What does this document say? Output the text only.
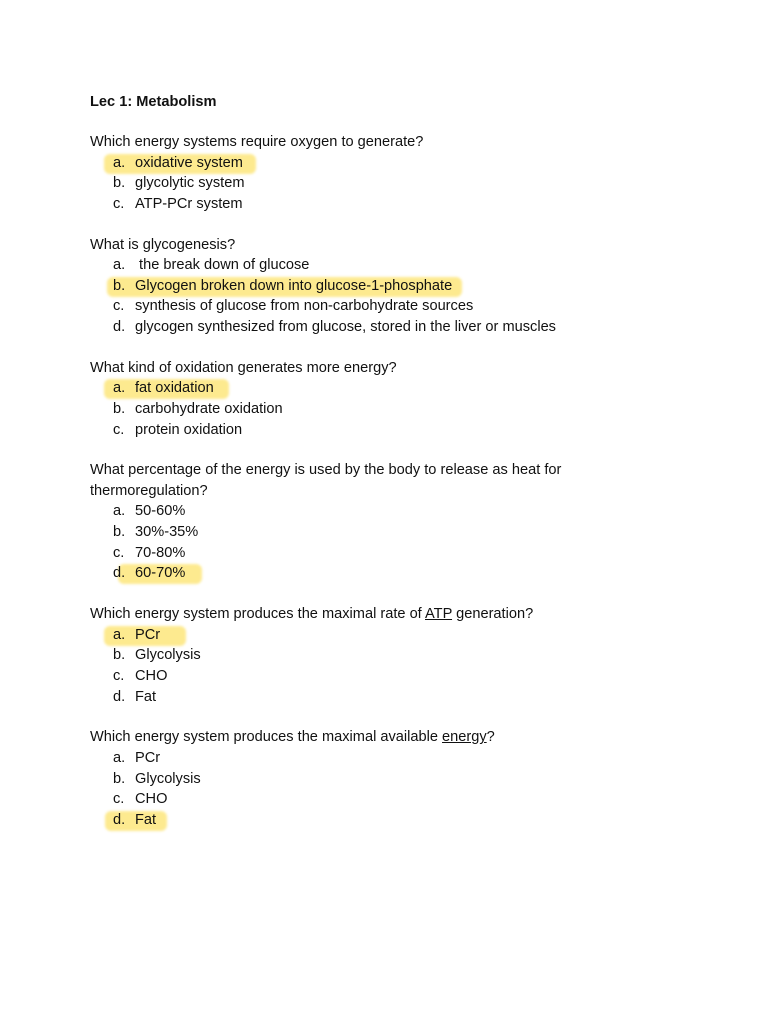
Lec 1: Metabolism

Which energy systems require oxygen to generate?

a. oxidative system
b. glycolytic system
c. ATP-PCr system

What is glycogenesis?

a. the break down of glucose
b. Glycogen broken down into glucose-1-phosphate
c. synthesis of glucose from non-carbohydrate sources
d. glycogen synthesized from glucose, stored in the liver or muscles

What kind of oxidation generates more energy?

a. fat oxidation
b. carbohydrate oxidation
c. protein oxidation

What percentage of the energy is used by the body to release as heat for thermoregulation?

a. 50-60%
b. 30%-35%
c. 70-80%
d. 60-70%

Which energy system produces the maximal rate of ATP generation?

a. PCr
b. Glycolysis
c. CHO
d. Fat

Which energy system produces the maximal available energy?

a. PCr
b. Glycolysis
c. CHO
d. Fat
